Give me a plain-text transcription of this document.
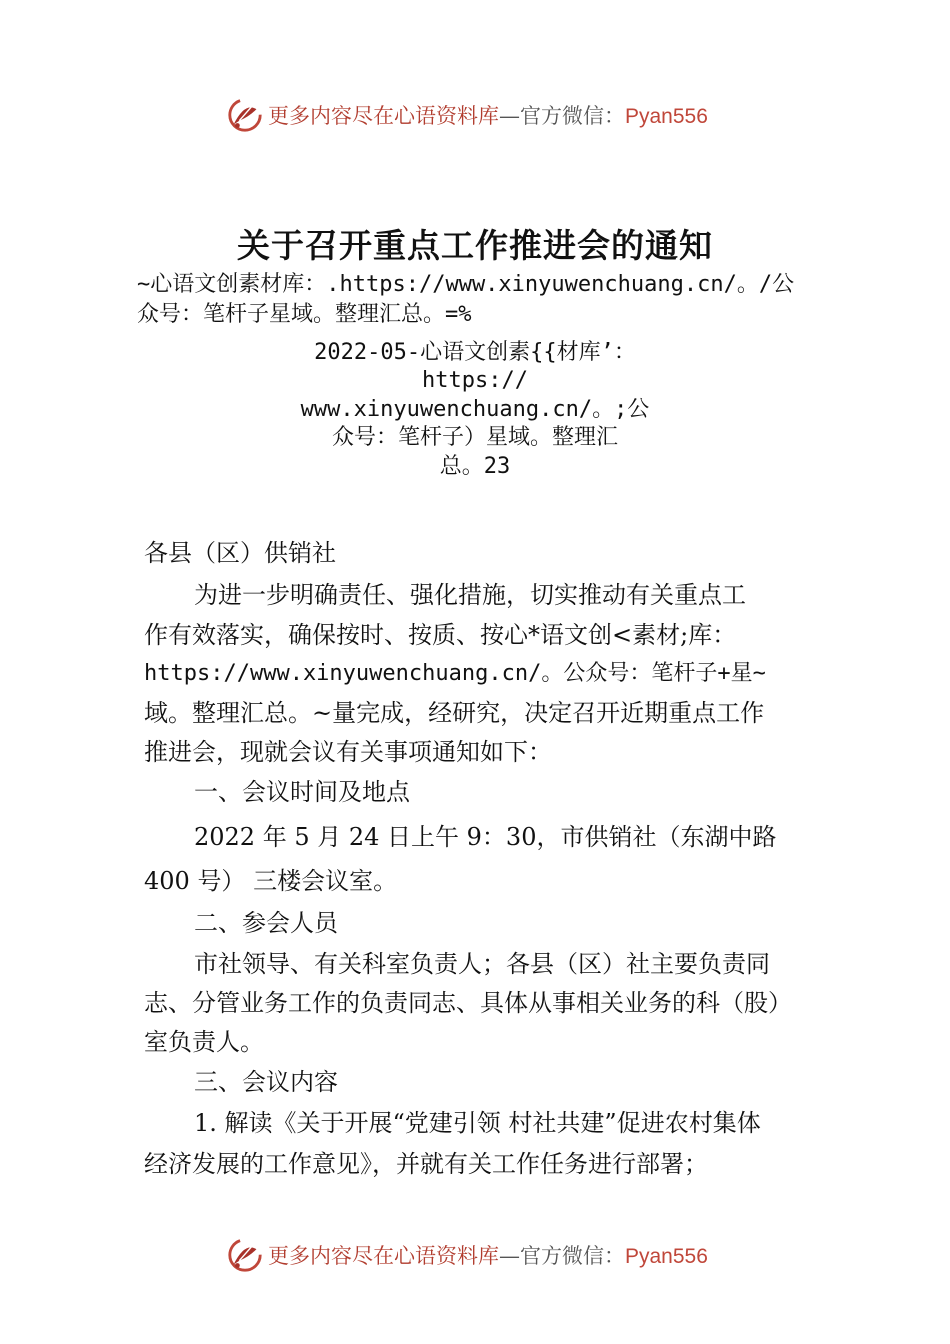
更多内容尽在心语资料库—官方微信：Pyan556
关于召开重点工作推进会的通知
~心语文创素材库：.https://www.xinyuwenchuang.cn/。/公
众号：笔杆子星域。整理汇总。=%
2022-05-心语文创素{{材库’：
https://
www.xinyuwenchuang.cn/。;公
众号：笔杆子）星域。整理汇
总。23
各县（区）供销社
为进一步明确责任、强化措施，切实推动有关重点工
作有效落实，确保按时、按质、按心*语文创<素材;库：
https://www.xinyuwenchuang.cn/。公众号：笔杆子+星~
域。整理汇总。~量完成，经研究，决定召开近期重点工作
推进会，现就会议有关事项通知如下：
一、会议时间及地点
2022 年 5 月 24 日上午 9：30，市供销社（东湖中路
400 号） 三楼会议室。
二、参会人员
市社领导、有关科室负责人；各县（区）社主要负责同
志、分管业务工作的负责同志、具体从事相关业务的科（股）
室负责人。
三、会议内容
1. 解读《关于开展“党建引领 村社共建”促进农村集体
经济发展的工作意见》，并就有关工作任务进行部署；
更多内容尽在心语资料库—官方微信：Pyan556
